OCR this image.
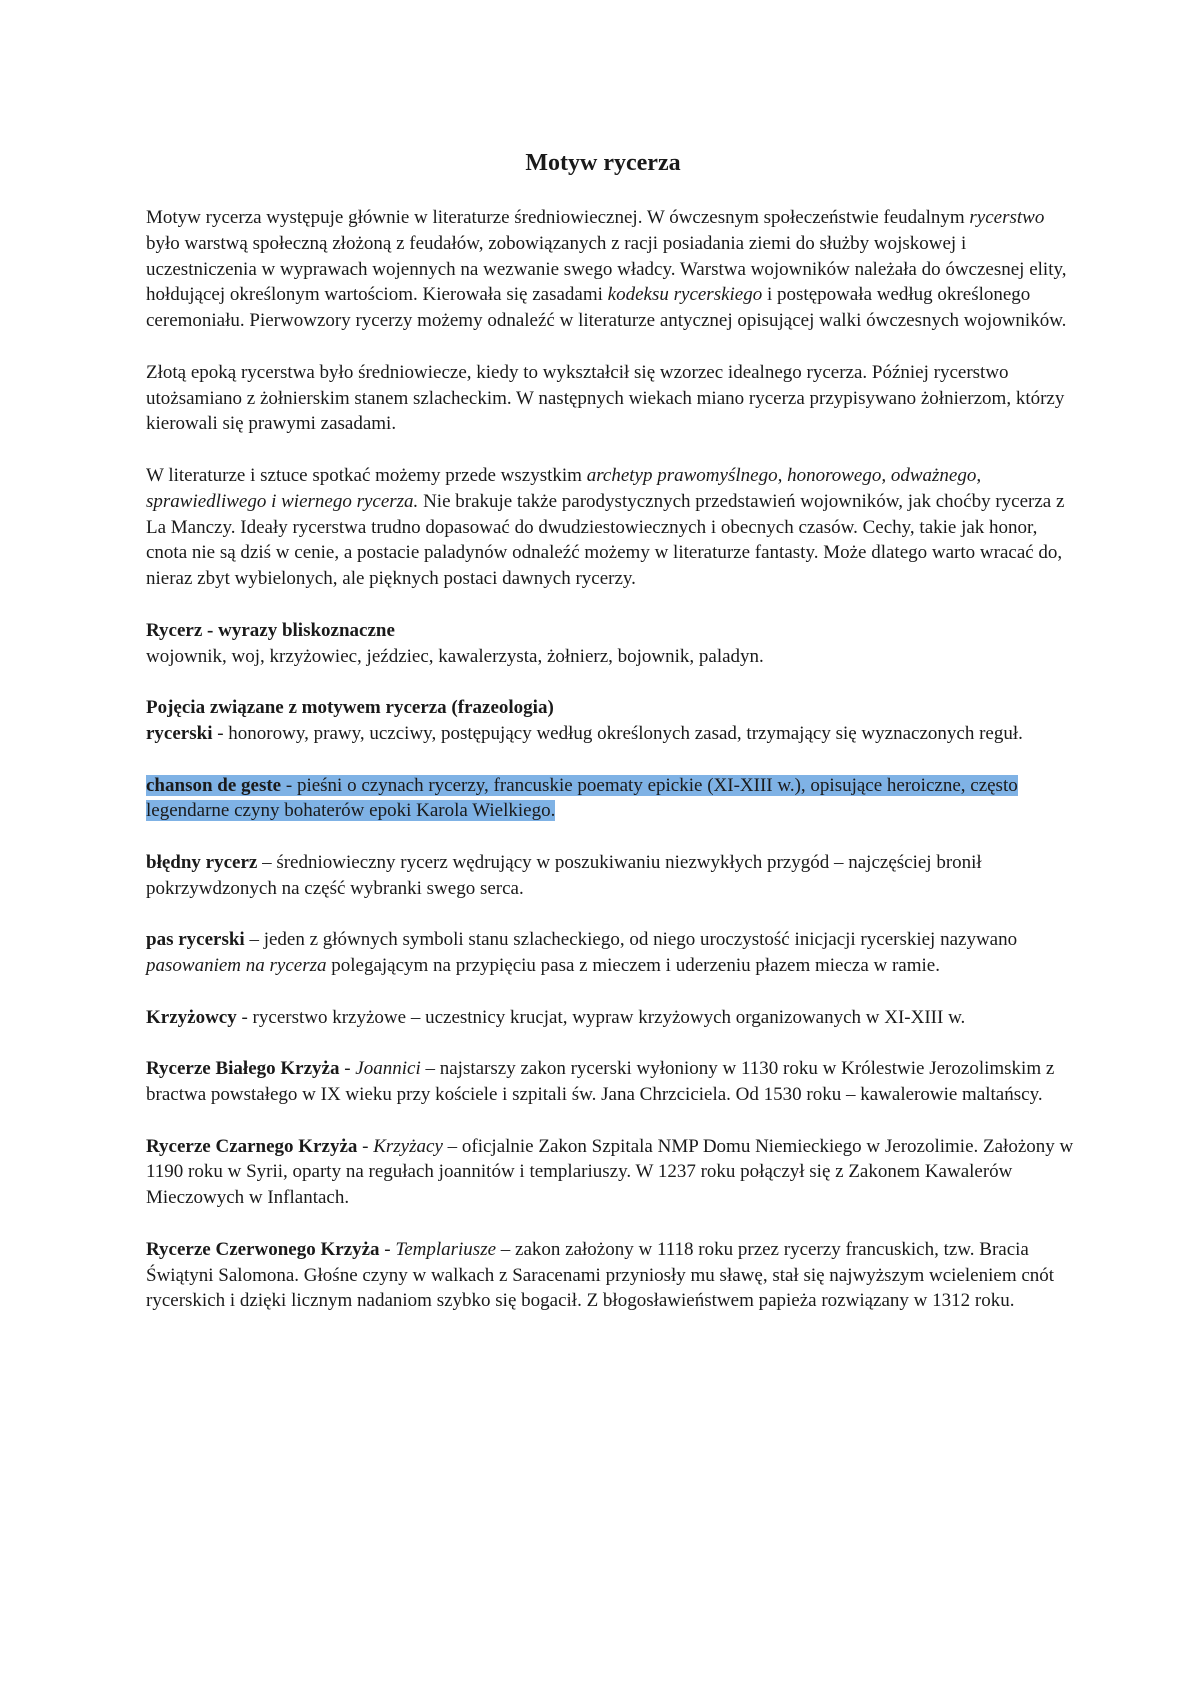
Motyw rycerza

Motyw rycerza występuje głównie w literaturze średniowiecznej. W ówczesnym społeczeństwie feudalnym rycerstwo było warstwą społeczną złożoną z feudałów, zobowiązanych z racji posiadania ziemi do służby wojskowej i uczestniczenia w wyprawach wojennych na wezwanie swego władcy. Warstwa wojowników należała do ówczesnej elity, hołdującej określonym wartościom. Kierowała się zasadami kodeksu rycerskiego i postępowała według określonego ceremoniału. Pierwowzory rycerzy możemy odnaleźć w literaturze antycznej opisującej walki ówczesnych wojowników.

Złotą epoką rycerstwa było średniowiecze, kiedy to wykształcił się wzorzec idealnego rycerza. Później rycerstwo utożsamiano z żołnierskim stanem szlacheckim. W następnych wiekach miano rycerza przypisywano żołnierzom, którzy kierowali się prawymi zasadami.

W literaturze i sztuce spotkać możemy przede wszystkim archetyp prawomyślnego, honorowego, odważnego, sprawiedliwego i wiernego rycerza. Nie brakuje także parodystycznych przedstawień wojowników, jak choćby rycerza z La Manczy. Ideały rycerstwa trudno dopasować do dwudziestowiecznych i obecnych czasów. Cechy, takie jak honor, cnota nie są dziś w cenie, a postacie paladynów odnaleźć możemy w literaturze fantasty. Może dlatego warto wracać do, nieraz zbyt wybielonych, ale pięknych postaci dawnych rycerzy.

Rycerz - wyrazy bliskoznaczne
wojownik, woj, krzyżowiec, jeździec, kawalerzysta, żołnierz, bojownik, paladyn.

Pojęcia związane z motywem rycerza (frazeologia)
rycerski - honorowy, prawy, uczciwy, postępujący według określonych zasad, trzymający się wyznaczonych reguł.

chanson de geste - pieśni o czynach rycerzy, francuskie poematy epickie (XI-XIII w.), opisujące heroiczne, często legendarne czyny bohaterów epoki Karola Wielkiego.

błędny rycerz – średniowieczny rycerz wędrujący w poszukiwaniu niezwykłych przygód – najczęściej bronił pokrzywdzonych na część wybranki swego serca.

pas rycerski – jeden z głównych symboli stanu szlacheckiego, od niego uroczystość inicjacji rycerskiej nazywano pasowaniem na rycerza polegającym na przypięciu pasa z mieczem i uderzeniu płazem miecza w ramie.

Krzyżowcy - rycerstwo krzyżowe – uczestnicy krucjat, wypraw krzyżowych organizowanych w XI-XIII w.

Rycerze Białego Krzyża - Joannici – najstarszy zakon rycerski wyłoniony w 1130 roku w Królestwie Jerozolimskim z bractwa powstałego w IX wieku przy kościele i szpitali św. Jana Chrzciciela. Od 1530 roku – kawalerowie maltańscy.

Rycerze Czarnego Krzyża - Krzyżacy – oficjalnie Zakon Szpitala NMP Domu Niemieckiego w Jerozolimie. Założony w 1190 roku w Syrii, oparty na regułach joannitów i templariuszy. W 1237 roku połączył się z Zakonem Kawalerów Mieczowych w Inflantach.

Rycerze Czerwonego Krzyża - Templariusze – zakon założony w 1118 roku przez rycerzy francuskich, tzw. Bracia Świątyni Salomona. Głośne czyny w walkach z Saracenami przyniosły mu sławę, stał się najwyższym wcieleniem cnót rycerskich i dzięki licznym nadaniom szybko się bogacił. Z błogosławieństwem papieża rozwiązany w 1312 roku.
